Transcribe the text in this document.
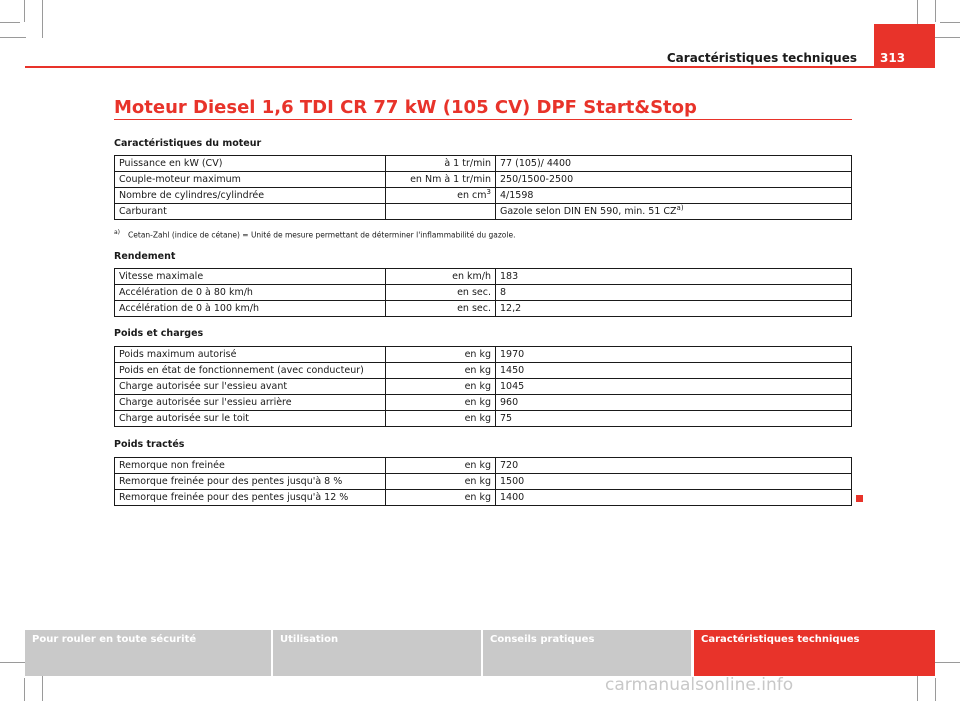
Caractéristiques techniques	313
Moteur Diesel 1,6 TDI CR 77 kW (105 CV) DPF Start&Stop
Caractéristiques du moteur
Puissance en kW (CV)	à 1 tr/min	77 (105)/ 4400
Couple-moteur maximum	en Nm à 1 tr/min	250/1500-2500
Nombre de cylindres/cylindrée	en $cm^3$	4/1598
Carburant		Gazole selon DIN EN 590, min. 51 CZ$^{a)}$
$^{a)}$ Cetan-Zahl (indice de cétane) = Unité de mesure permettant de déterminer l'inflammabilité du gazole.
Rendement
Vitesse maximale	en km/h	183
Accélération de 0 à 80 km/h	en sec.	8
Accélération de 0 à 100 km/h	en sec.	12,2
Poids et charges
Poids maximum autorisé	en kg	1970
Poids en état de fonctionnement (avec conducteur)	en kg	1450
Charge autorisée sur l'essieu avant	en kg	1045
Charge autorisée sur l'essieu arrière	en kg	960
Charge autorisée sur le toit	en kg	75
Poids tractés
Remorque non freinée	en kg	720
Remorque freinée pour des pentes jusqu'à 8 %	en kg	1500
Remorque freinée pour des pentes jusqu'à 12 %	en kg	1400
Pour rouler en toute sécurité	Utilisation	Conseils pratiques	Caractéristiques techniques
carmanualsonline.info
